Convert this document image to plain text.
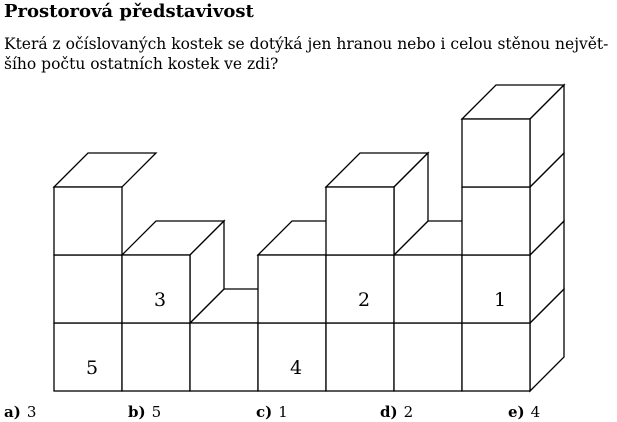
Prostorová představivost
Která z očíslovaných kostek se dotýká jen hranou nebo i celou stěnou největ-
šího počtu ostatních kostek ve zdi?
5
3
4
2	1
a) 3	b) 5	c) 1	d) 2	e) 4
